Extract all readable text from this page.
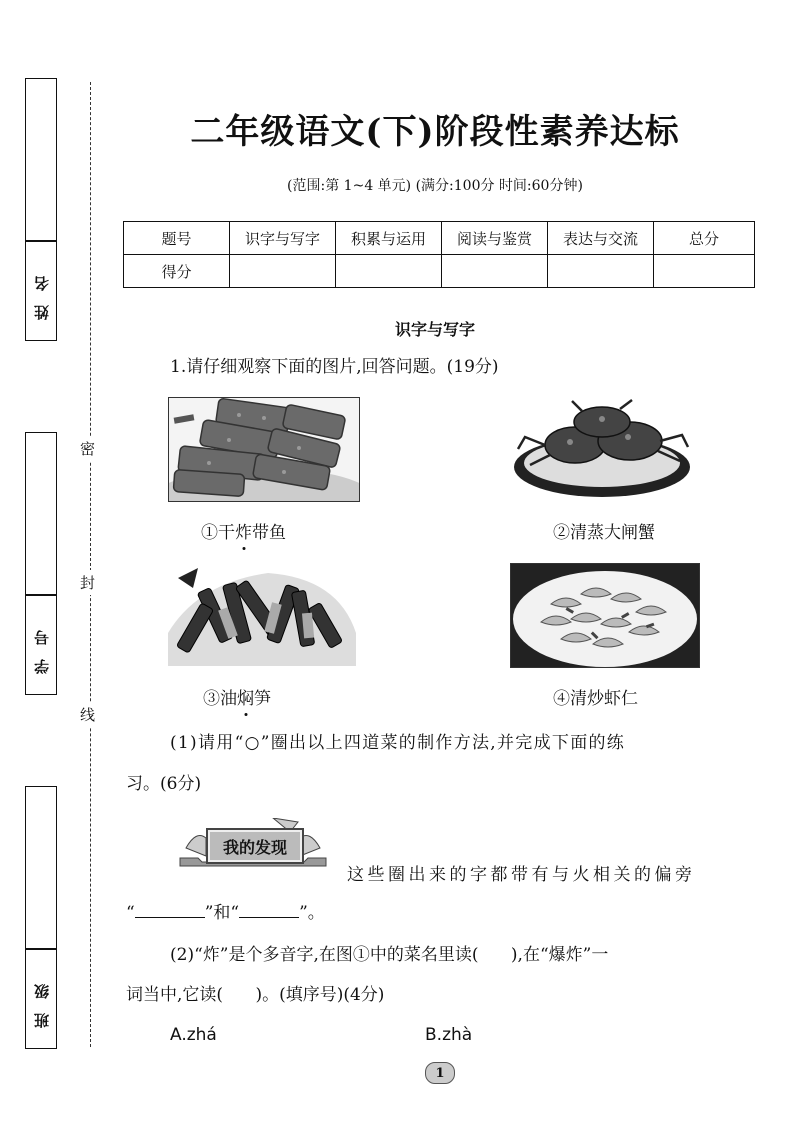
姓名
学号
班级
密
封
线
二年级语文(下)阶段性素养达标
(范围:第 1~4 单元) (满分:100分 时间:60分钟)
题号	识字与写字	积累与运用	阅读与鉴赏	表达与交流	总分
得分					
识字与写字
1.请仔细观察下面的图片,回答问题。(19分)
①干炸带鱼	②清蒸大闸蟹
③油焖笋	④清炒虾仁
(1)请用“○”圈出以上四道菜的制作方法,并完成下面的练
习。(6分)
我的发现
这些圈出来的字都带有与火相关的偏旁
“	”和“	”。
(2)“炸”是个多音字,在图①中的菜名里读(      ),在“爆炸”一
词当中,它读(      )。(填序号)(4分)
A.zhá	B.zhà
1
